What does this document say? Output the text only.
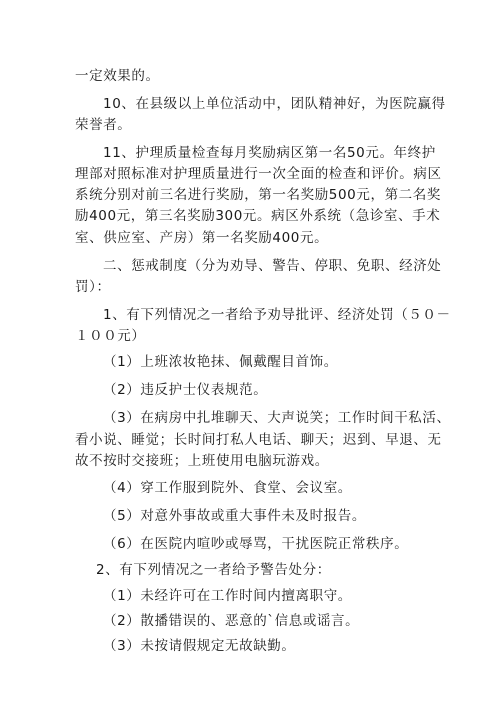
一定效果的。
10、在县级以上单位活动中，团队精神好，为医院赢得
荣誉者。
11、护理质量检查每月奖励病区第一名50元。年终护
理部对照标准对护理质量进行一次全面的检查和评价。病区
系统分别对前三名进行奖励，第一名奖励500元，第二名奖
励400元，第三名奖励300元。病区外系统（急诊室、手术
室、供应室、产房）第一名奖励400元。
二、惩戒制度（分为劝导、警告、停职、免职、经济处
罚）：
1、有下列情况之一者给予劝导批评、经济处罚（５０－
１００元）
（1）上班浓妆艳抹、佩戴醒目首饰。
（2）违反护士仪表规范。
（3）在病房中扎堆聊天、大声说笑；工作时间干私活、
看小说、睡觉；长时间打私人电话、聊天；迟到、早退、无
故不按时交接班；上班使用电脑玩游戏。
（4）穿工作服到院外、食堂、会议室。
（5）对意外事故或重大事件未及时报告。
（6）在医院内喧吵或辱骂，干扰医院正常秩序。
2、有下列情况之一者给予警告处分：
（1）未经许可在工作时间内擅离职守。
（2）散播错误的、恶意的`信息或谣言。
（3）未按请假规定无故缺勤。
